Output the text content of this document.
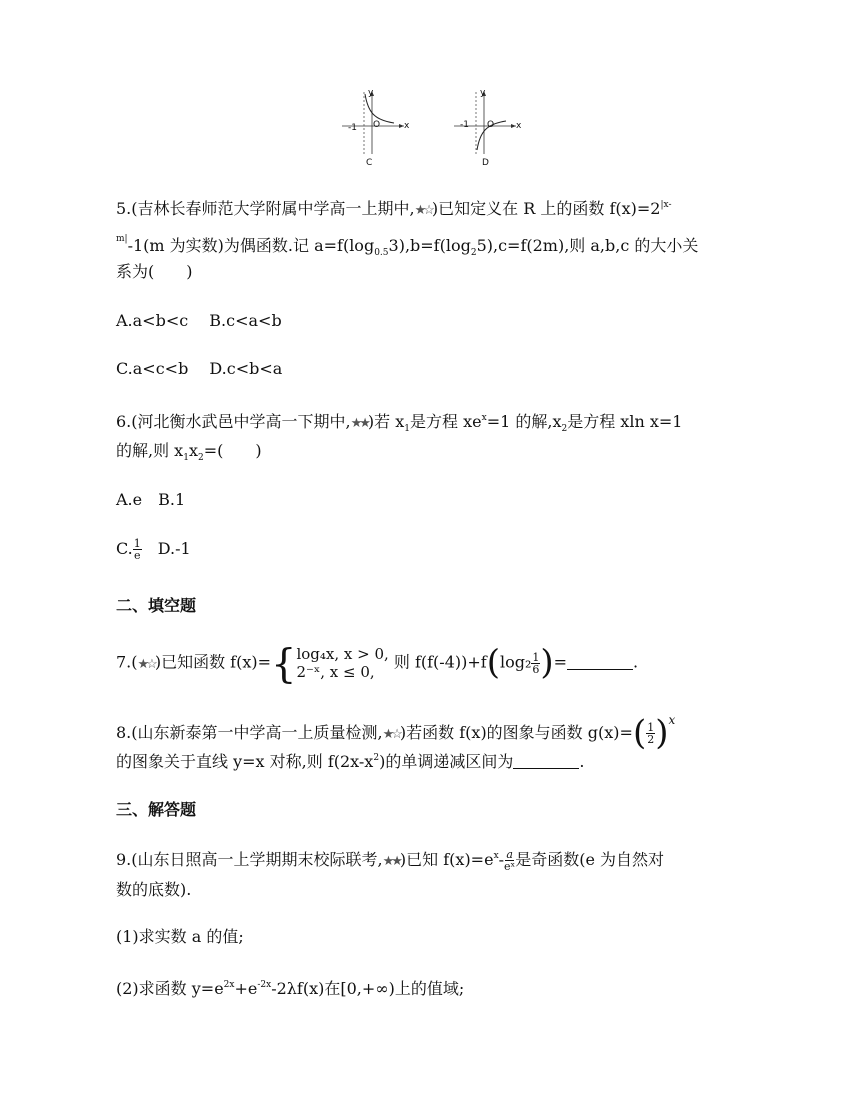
y
x
O
-1
C
y
x
O
-1
D
5.(吉林长春师范大学附属中学高一上期中,★☆)已知定义在 R 上的函数 $f(x)=2^{|x-}$
$^{m|}$-1(m 为实数)为偶函数.记 $a=f(\log_{0.5}3),b=f(\log_25),c=f(2m)$,则 a,b,c 的大小关
系为(　　)
A.a<b<c　 B.c<a<b
C.a<c<b　 D.c<b<a
6.(河北衡水武邑中学高一下期中,★★)若 $x_1$是方程 $xe^x=1$ 的解$,x_2$是方程 xln x=1
的解,则 $x_1x_2=$(　　)
A.e　B.1
C. $\frac{1}{e}$
　 D.-1
二、填空题
7.(★☆)已知函数 f(x)={ log₄x, x > 0,
2⁻ˣ, x ≤ 0,
则 $f(f(-4))+f(\log_2 \frac{1}{6}$ )=	.
8.(山东新泰第一中学高一上质量检测,★☆)若函数 f(x)的图象与函数 $g(x)=( \frac{1}{2} )^x$
的图象关于直线 y=x 对称,则 $f(2x-x^2)$的单调递减区间为	.
三、解答题
9.(山东日照高一上学期期末校际联考,★★)已知 $f(x)=e^x- \frac{a}{\text{eˣ}}$ 是奇函数(e 为自然对
数的底数).
(1)求实数 a 的值;
(2)求函数 $y=e^{2x}+e^{-2x}-2\lambda f(x)$在[0,+∞)上的值域;
